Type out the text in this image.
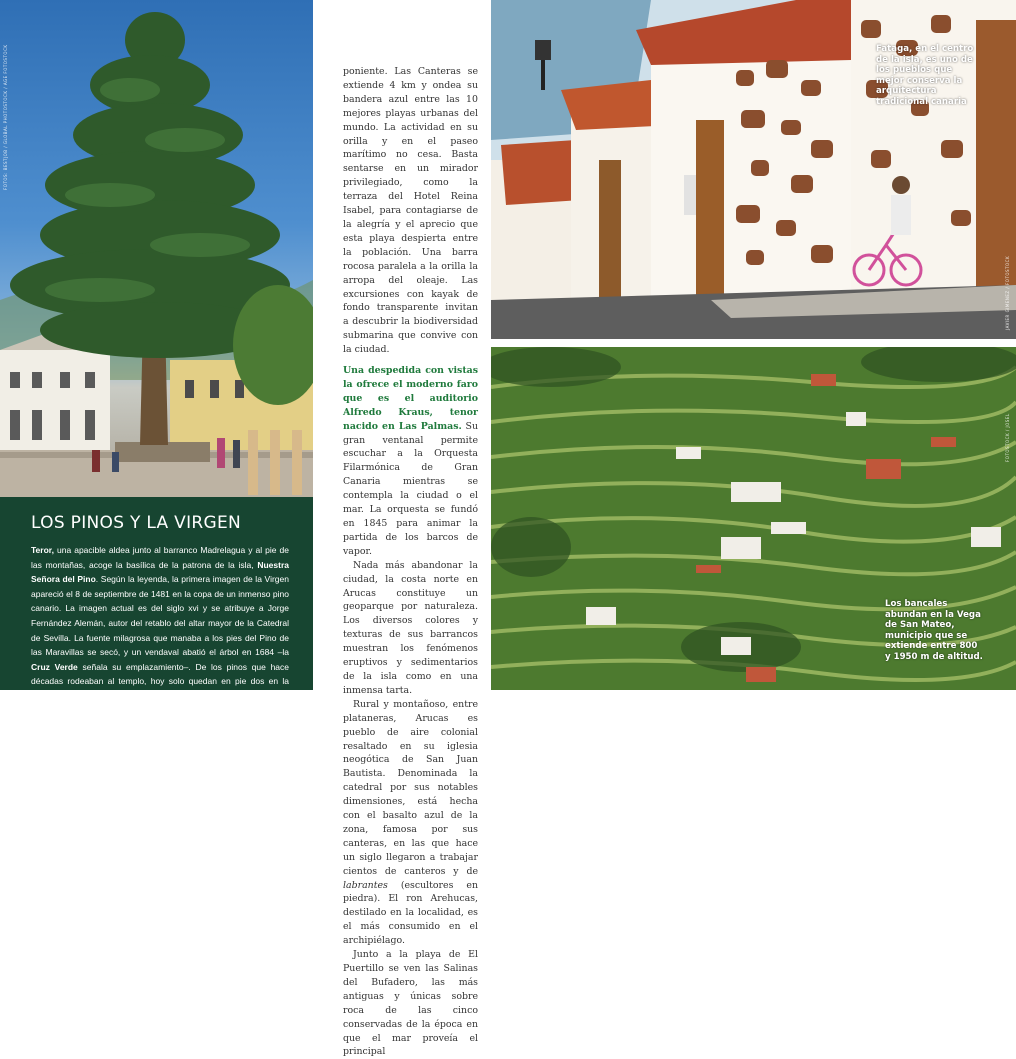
FOTOS: BESTJOB / GLOBAL PHOTOSTOCK / AGE FOTOSTOCK
LOS PINOS Y LA VIRGEN

Teror, una apacible aldea junto al barranco Madrelagua y al pie de las montañas, acoge la basílica de la patrona de la isla, Nuestra Señora del Pino. Según la leyenda, la primera imagen de la Virgen apareció el 8 de septiembre de 1481 en la copa de un inmenso pino canario. La imagen actual es del siglo xvi y se atribuye a Jorge Fernández Alemán, autor del retablo del altar mayor de la Catedral de Sevilla. La fuente milagrosa que manaba a los pies del Pino de las Maravillas se secó, y un vendaval abatió el árbol en 1684 –la Cruz Verde señala su emplazamiento–. De los pinos que hace décadas rodeaban al templo, hoy solo quedan en pie dos en la fachada y otro en la parte posterior, además de un frondoso laurel de Indias.

poniente. Las Canteras se extiende 4 km y ondea su bandera azul entre las 10 mejores playas urbanas del mundo. La actividad en su orilla y en el paseo marítimo no cesa. Basta sentarse en un mirador privilegiado, como la terraza del Hotel Reina Isabel, para contagiarse de la alegría y el aprecio que esta playa despierta entre la población. Una barra rocosa paralela a la orilla la arropa del oleaje. Las excursiones con kayak de fondo transparente invitan a descubrir la biodiversidad submarina que convive con la ciudad.

Una despedida con vistas la ofrece el moderno faro que es el auditorio Alfredo Kraus, tenor nacido en Las Palmas. Su gran ventanal permite escuchar a la Orquesta Filarmónica de Gran Canaria mientras se contempla la ciudad o el mar. La orquesta se fundó en 1845 para animar la partida de los barcos de vapor.

Nada más abandonar la ciudad, la costa norte en Arucas constituye un geoparque por naturaleza. Los diversos colores y texturas de sus barrancos muestran los fenómenos eruptivos y sedimentarios de la isla como en una inmensa tarta.

Rural y montañoso, entre plataneras, Arucas es pueblo de aire colonial resaltado en su iglesia neogótica de San Juan Bautista. Denominada la catedral por sus notables dimensiones, está hecha con el basalto azul de la zona, famosa por sus canteras, en las que hace un siglo llegaron a trabajar cientos de canteros y de labrantes (escultores en piedra). El ron Arehucas, destilado en la localidad, es el más consumido en el archipiélago.

Junto a la playa de El Puertillo se ven las Salinas del Bufadero, las más antiguas y únicas sobre roca de las cinco conservadas de la época en que el mar proveía el principal

Fataga, en el centro de la isla, es uno de los pueblos que mejor conserva la arquitectura tradicional canaria
JAVIER GIMENEZ / FOTOSTOCK
Los bancales abundan en la Vega de San Mateo, municipio que se extiende entre 800 y 1950 m de altitud.
FOTOSTOCK / JOSEL
